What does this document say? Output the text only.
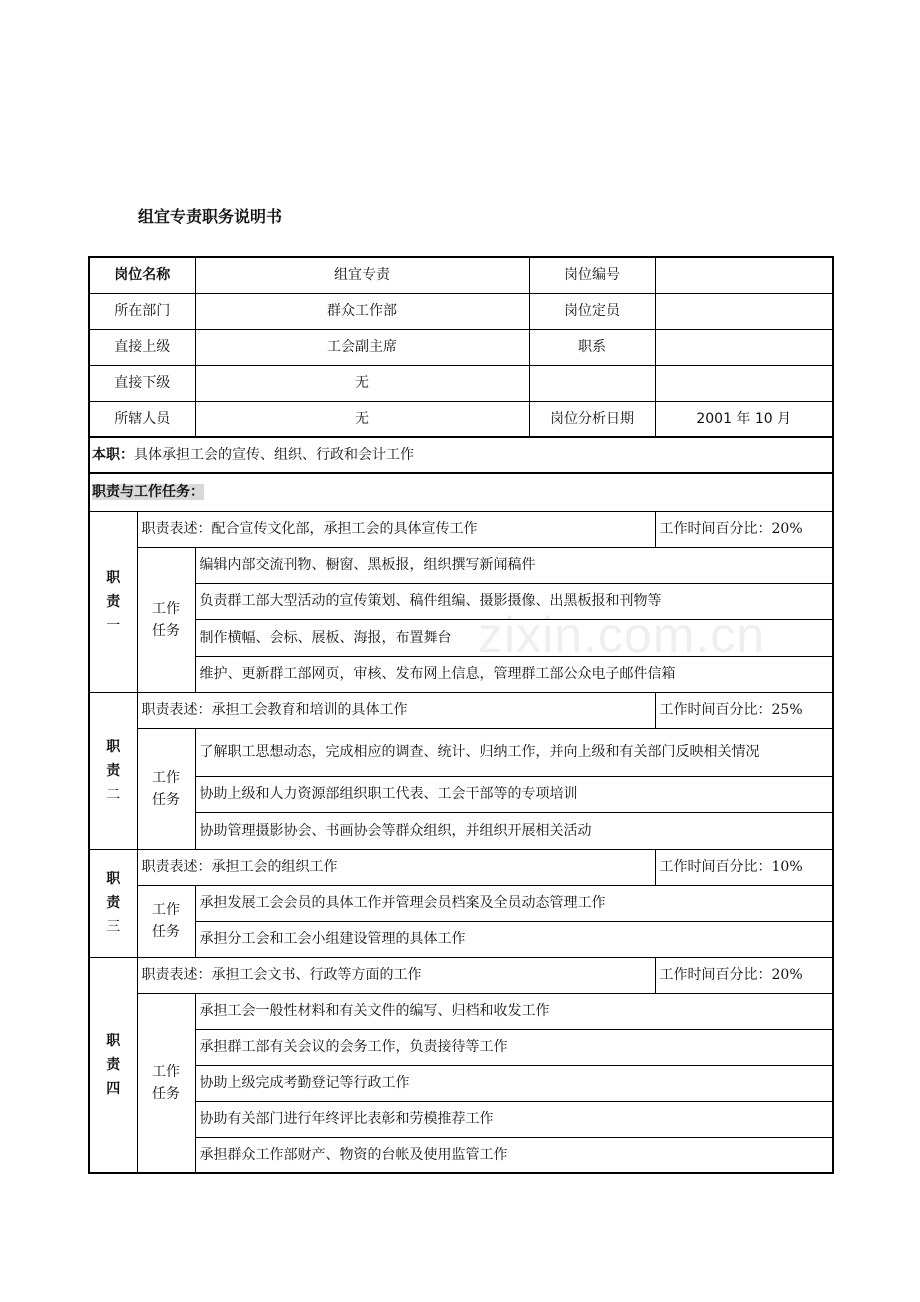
组宜专责职务说明书
zixin.com.cn
岗位名称		组宜专责	岗位编号	
所在部门		群众工作部	岗位定员	
直接上级		工会副主席	职系	
直接下级		无		
所辖人员		无	岗位分析日期	2001 年 10 月
本职：具体承担工会的宣传、组织、行政和会计工作				
职责与工作任务：				

职
责
一	职责表述：配合宣传文化部，承担工会的具体宣传工作			工作时间百分比：20%

	工作
任务	编辑内部交流刊物、橱窗、黑板报，组织撰写新闻稿件		
		负责群工部大型活动的宣传策划、稿件组编、摄影摄像、出黑板报和刊物等		
		制作横幅、会标、展板、海报，布置舞台		
		维护、更新群工部网页，审核、发布网上信息，管理群工部公众电子邮件信箱		

职
责
二	职责表述：承担工会教育和培训的具体工作			工作时间百分比：25%

	工作
任务	了解职工思想动态，完成相应的调查、统计、归纳工作，并向上级和有关部门反映相关情况		
		协助上级和人力资源部组织职工代表、工会干部等的专项培训		
		协助管理摄影协会、书画协会等群众组织，并组织开展相关活动		

职
责
三	职责表述：承担工会的组织工作			工作时间百分比：10%

	工作
任务	承担发展工会会员的具体工作并管理会员档案及全员动态管理工作		
		承担分工会和工会小组建设管理的具体工作		

职
责
四	职责表述：承担工会文书、行政等方面的工作			工作时间百分比：20%

	工作
任务	承担工会一般性材料和有关文件的编写、归档和收发工作		
		承担群工部有关会议的会务工作，负责接待等工作		
		协助上级完成考勤登记等行政工作		
		协助有关部门进行年终评比表彰和劳模推荐工作		
		承担群众工作部财产、物资的台帐及使用监管工作		
